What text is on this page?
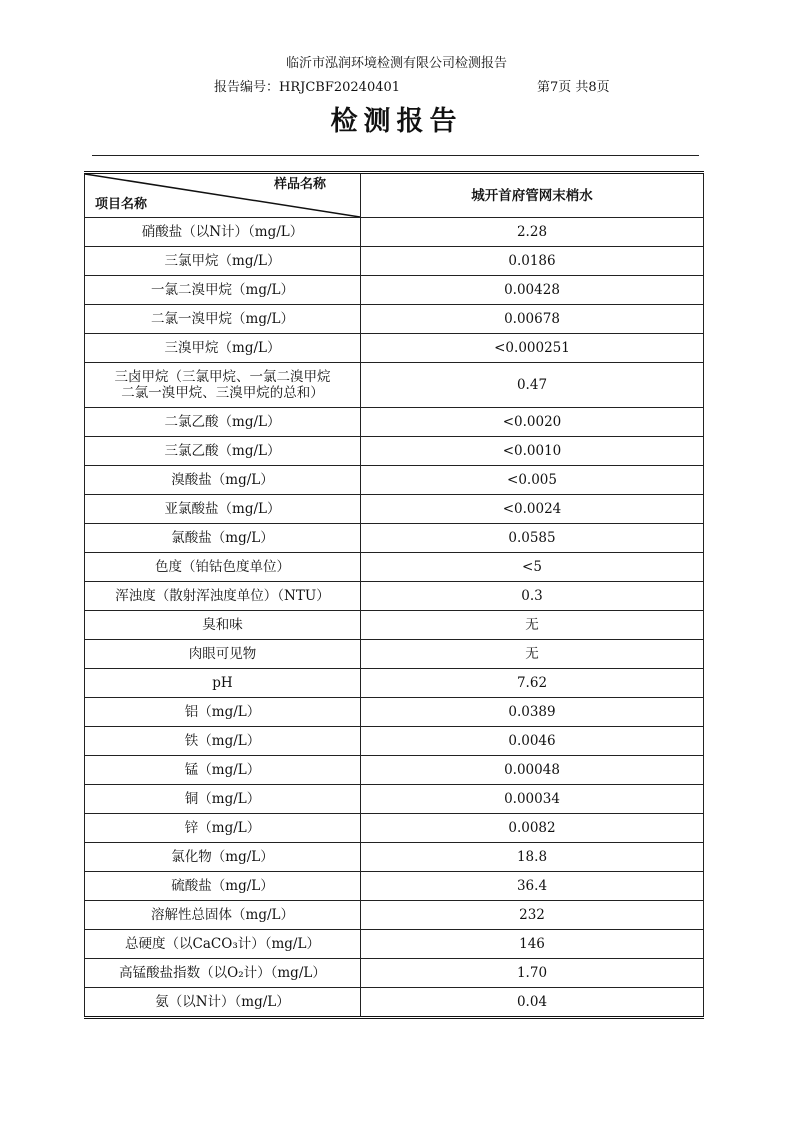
临沂市泓润环境检测有限公司检测报告
报告编号：HRJCBF20240401	第7页 共8页
检测报告
样品名称
项目名称	城开首府管网末梢水
硝酸盐（以N计）（mg/L）	2.28
三氯甲烷（mg/L）	0.0186
一氯二溴甲烷（mg/L）	0.00428
二氯一溴甲烷（mg/L）	0.00678
三溴甲烷（mg/L）	<0.000251

三卤甲烷（三氯甲烷、一氯二溴甲烷
二氯一溴甲烷、三溴甲烷的总和）	0.47
二氯乙酸（mg/L）	<0.0020
三氯乙酸（mg/L）	<0.0010
溴酸盐（mg/L）	<0.005
亚氯酸盐（mg/L）	<0.0024
氯酸盐（mg/L）	0.0585
色度（铂钴色度单位）	<5
浑浊度（散射浑浊度单位）（NTU）	0.3
臭和味	无
肉眼可见物	无
pH	7.62
铝（mg/L）	0.0389
铁（mg/L）	0.0046
锰（mg/L）	0.00048
铜（mg/L）	0.00034
锌（mg/L）	0.0082
氯化物（mg/L）	18.8
硫酸盐（mg/L）	36.4
溶解性总固体（mg/L）	232
总硬度（以CaCO₃计）（mg/L）	146
高锰酸盐指数（以O₂计）（mg/L）	1.70
氨（以N计）（mg/L）	0.04
